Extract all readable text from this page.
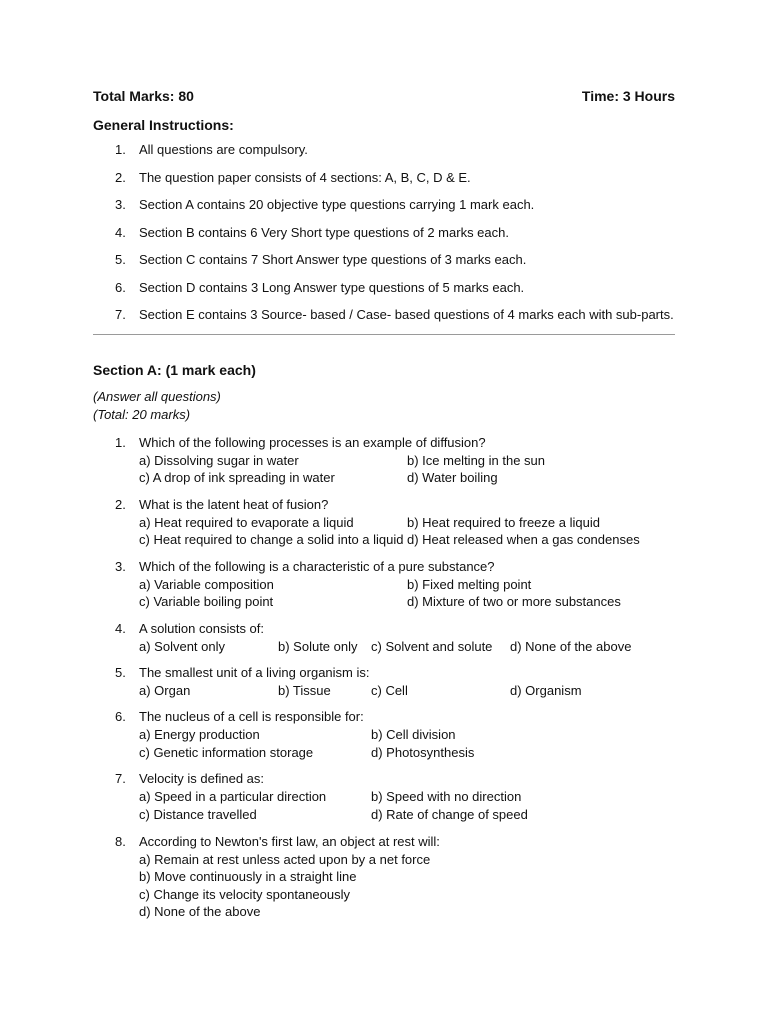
Total Marks: 80	Time: 3 Hours
General Instructions:
1.	All questions are compulsory.
2.	The question paper consists of 4 sections: A, B, C, D & E.
3.	Section A contains 20 objective type questions carrying 1 mark each.
4.	Section B contains 6 Very Short type questions of 2 marks each.
5.	Section C contains 7 Short Answer type questions of 3 marks each.
6.	Section D contains 3 Long Answer type questions of 5 marks each.
7.	Section E contains 3 Source- based / Case- based questions of 4 marks each with sub-parts.
Section A: (1 mark each)
(Answer all questions)
(Total: 20 marks)
1.	Which of the following processes is an example of diffusion?
a) Dissolving sugar in water	b) Ice melting in the sun
c) A drop of ink spreading in water	d) Water boiling
2.	What is the latent heat of fusion?
a) Heat required to evaporate a liquid	b) Heat required to freeze a liquid
c) Heat required to change a solid into a liquid d) Heat released when a gas condenses
3.	Which of the following is a characteristic of a pure substance?
a) Variable composition	b) Fixed melting point
c) Variable boiling point	d) Mixture of two or more substances
4.	A solution consists of:
a) Solvent only	b) Solute only	c) Solvent and solute	d) None of the above
5.	The smallest unit of a living organism is:
a) Organ	b) Tissue	c) Cell	d) Organism
6.	The nucleus of a cell is responsible for:
a) Energy production	b) Cell division
c) Genetic information storage	d) Photosynthesis
7.	Velocity is defined as:
a) Speed in a particular direction	b) Speed with no direction
c) Distance travelled	d) Rate of change of speed
8.	According to Newton's first law, an object at rest will:
a) Remain at rest unless acted upon by a net force
b) Move continuously in a straight line
c) Change its velocity spontaneously
d) None of the above
